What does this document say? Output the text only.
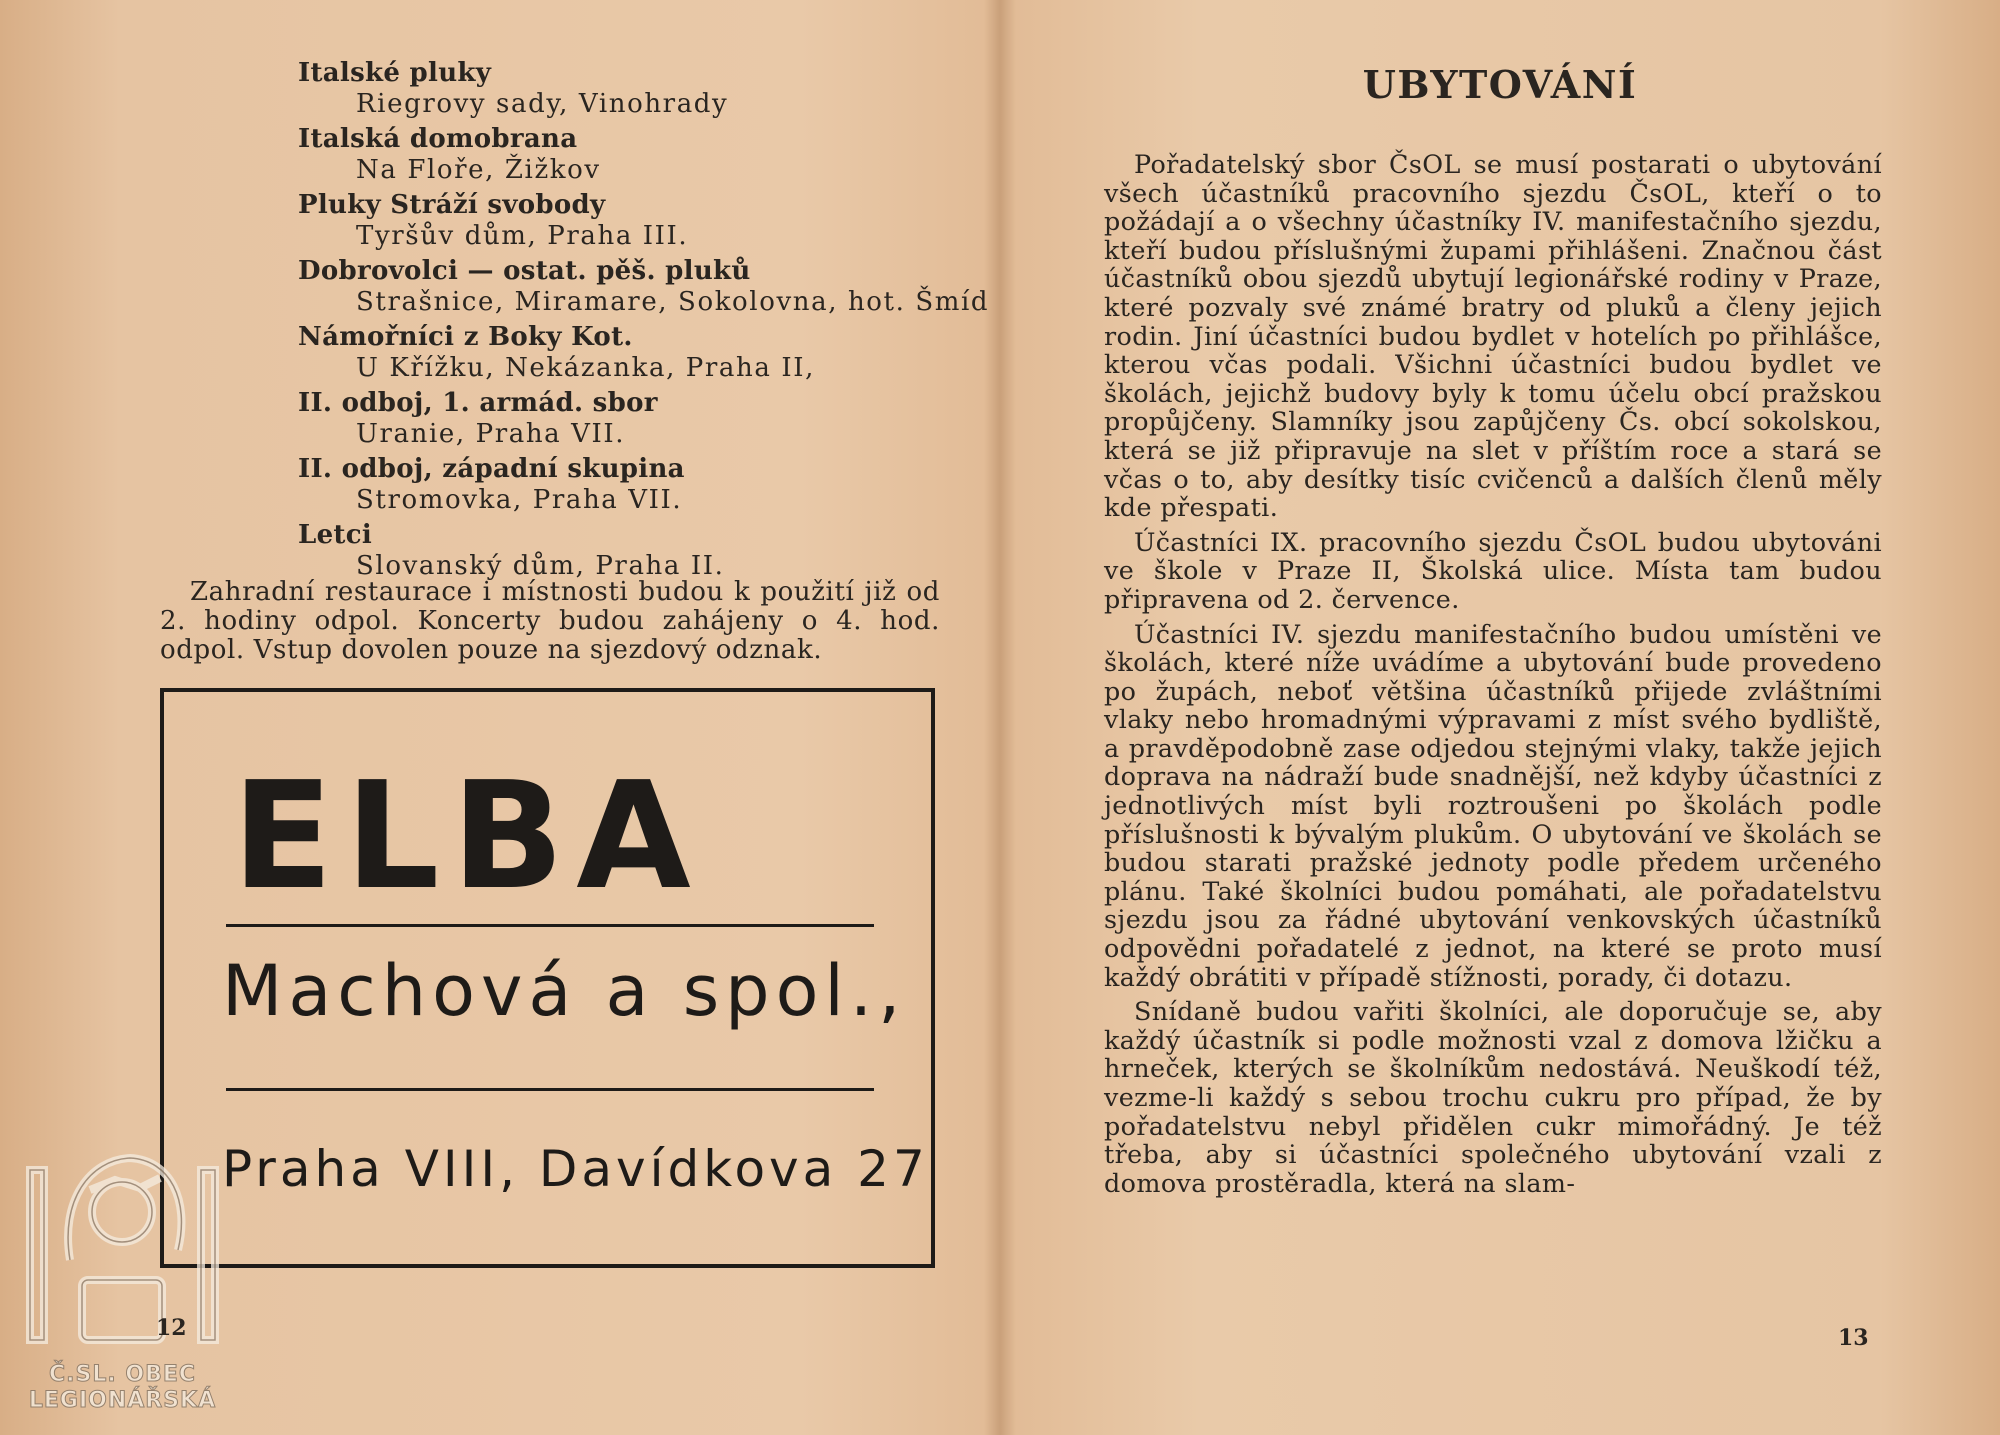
Italské pluky
Riegrovy sady, Vinohrady
Italská domobrana
Na Floře, Žižkov
Pluky Stráží svobody
Tyršův dům, Praha III.
Dobrovolci — ostat. pěš. pluků
Strašnice, Miramare, Sokolovna, hot. Šmíd
Námořníci z Boky Kot.
U Křížku, Nekázanka, Praha II,
II. odboj, 1. armád. sbor
Uranie, Praha VII.
II. odboj, západní skupina
Stromovka, Praha VII.
Letci
Slovanský dům, Praha II.

Zahradní restaurace i místnosti budou k použití již od 2. hodiny odpol. Koncerty budou zahájeny o 4. hod. odpol. Vstup dovolen pouze na sjezdový odznak.

ELBA
Machová a spol.,
Praha VIII, Davídkova 27
Č.SL. OBEC
LEGIONÁŘSKÁ
12
UBYTOVÁNÍ

Pořadatelský sbor ČsOL se musí postarati o ubytování všech účastníků pracovního sjezdu ČsOL, kteří o to požádají a o všechny účastníky IV. manifestačního sjezdu, kteří budou příslušnými župami přihlášeni. Značnou část účastníků obou sjezdů ubytují legionářské rodiny v Praze, které pozvaly své známé bratry od pluků a členy jejich rodin. Jiní účastníci budou bydlet v hotelích po přihlášce, kterou včas podali. Všichni účastníci budou bydlet ve školách, jejichž budovy byly k tomu účelu obcí pražskou propůjčeny. Slamníky jsou zapůjčeny Čs. obcí sokolskou, která se již připravuje na slet v příštím roce a stará se včas o to, aby desítky tisíc cvičenců a dalších členů měly kde přespati.

Účastníci IX. pracovního sjezdu ČsOL budou ubytováni ve škole v Praze II, Školská ulice. Místa tam budou připravena od 2. července.

Účastníci IV. sjezdu manifestačního budou umístěni ve školách, které níže uvádíme a ubytování bude provedeno po župách, neboť většina účastníků přijede zvláštními vlaky nebo hromadnými výpravami z míst svého bydliště, a pravděpodobně zase odjedou stejnými vlaky, takže jejich doprava na nádraží bude snadnější, než kdyby účastníci z jednotlivých míst byli roztroušeni po školách podle příslušnosti k bývalým plukům. O ubytování ve školách se budou starati pražské jednoty podle předem určeného plánu. Také školníci budou pomáhati, ale pořadatelstvu sjezdu jsou za řádné ubytování venkovských účastníků odpovědni pořadatelé z jednot, na které se proto musí každý obrátiti v případě stížnosti, porady, či dotazu.

Snídaně budou vařiti školníci, ale doporučuje se, aby každý účastník si podle možnosti vzal z domova lžičku a hrneček, kterých se školníkům nedostává. Neuškodí též, vezme-li každý s sebou trochu cukru pro případ, že by pořadatelstvu nebyl přidělen cukr mimořádný. Je též třeba, aby si účastníci společného ubytování vzali z domova prostěradla, která na slam-

13
